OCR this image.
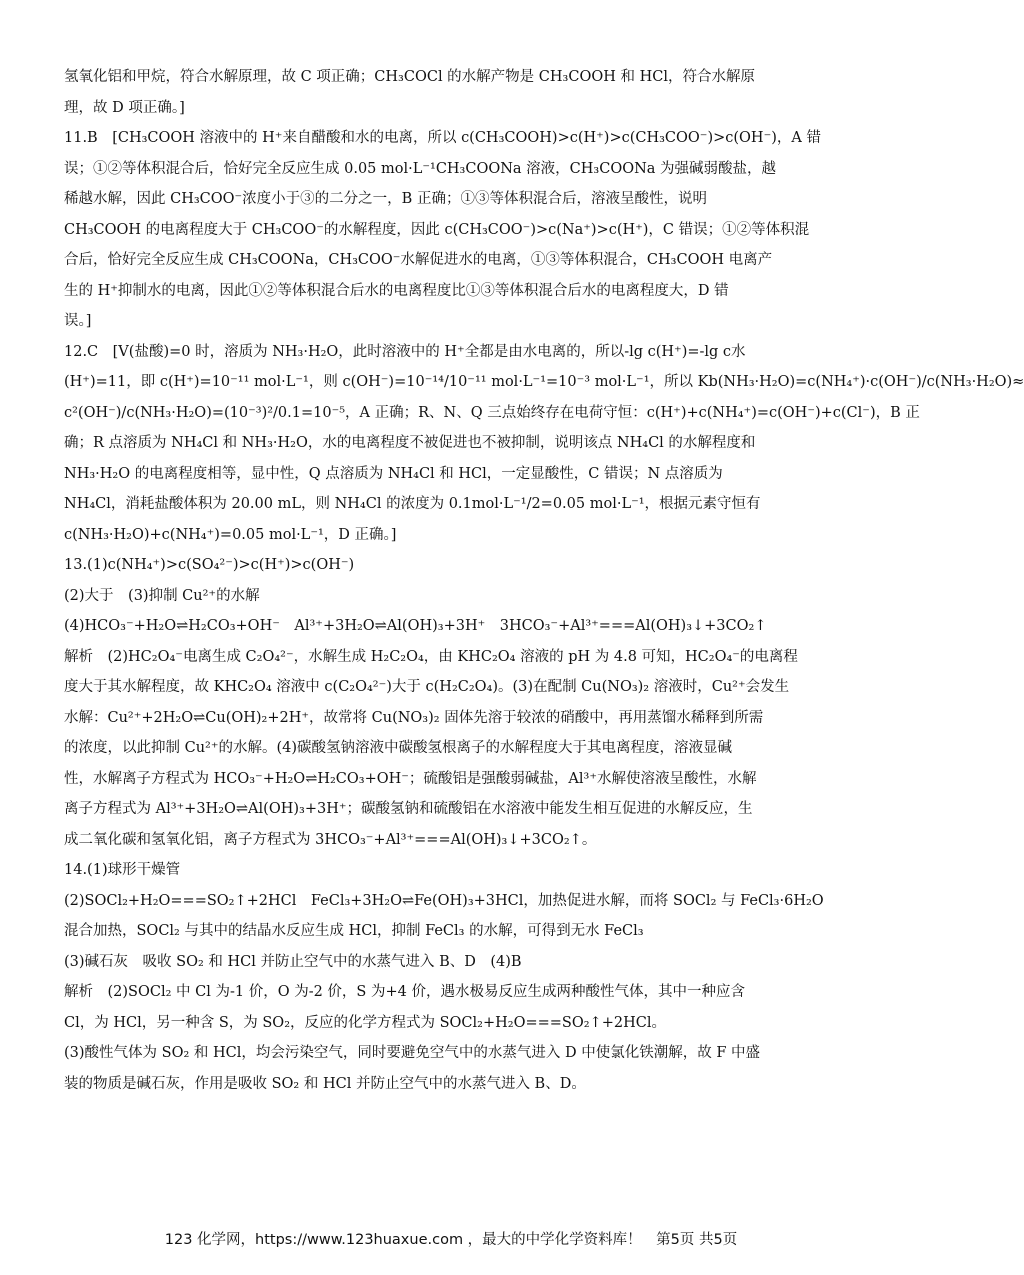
氢氧化铝和甲烷，符合水解原理，故 C 项正确；CH₃COCl 的水解产物是 CH₃COOH 和 HCl，符合水解原
理，故 D 项正确。]

11.B　[CH₃COOH 溶液中的 H⁺来自醋酸和水的电离，所以 c(CH₃COOH)>c(H⁺)>c(CH₃COO⁻)>c(OH⁻)，A 错
误；①②等体积混合后，恰好完全反应生成 0.05 mol·L⁻¹CH₃COONa 溶液，CH₃COONa 为强碱弱酸盐，越
稀越水解，因此 CH₃COO⁻浓度小于③的二分之一，B 正确；①③等体积混合后，溶液呈酸性，说明
CH₃COOH 的电离程度大于 CH₃COO⁻的水解程度，因此 c(CH₃COO⁻)>c(Na⁺)>c(H⁺)，C 错误；①②等体积混
合后，恰好完全反应生成 CH₃COONa，CH₃COO⁻水解促进水的电离，①③等体积混合，CH₃COOH 电离产
生的 H⁺抑制水的电离，因此①②等体积混合后水的电离程度比①③等体积混合后水的电离程度大，D 错
误。]

12.C　[V(盐酸)=0 时，溶质为 NH₃·H₂O，此时溶液中的 H⁺全都是由水电离的，所以-lg c(H⁺)=-lg c水
(H⁺)=11，即 c(H⁺)=10⁻¹¹ mol·L⁻¹，则 c(OH⁻)=10⁻¹⁴/10⁻¹¹ mol·L⁻¹=10⁻³ mol·L⁻¹，所以 Kb(NH₃·H₂O)=c(NH₄⁺)·c(OH⁻)/c(NH₃·H₂O)≈
c²(OH⁻)/c(NH₃·H₂O)=(10⁻³)²/0.1=10⁻⁵，A 正确；R、N、Q 三点始终存在电荷守恒：c(H⁺)+c(NH₄⁺)=c(OH⁻)+c(Cl⁻)，B 正
确；R 点溶质为 NH₄Cl 和 NH₃·H₂O，水的电离程度不被促进也不被抑制，说明该点 NH₄Cl 的水解程度和
NH₃·H₂O 的电离程度相等，显中性，Q 点溶质为 NH₄Cl 和 HCl，一定显酸性，C 错误；N 点溶质为
NH₄Cl，消耗盐酸体积为 20.00 mL，则 NH₄Cl 的浓度为 0.1mol·L⁻¹/2=0.05 mol·L⁻¹，根据元素守恒有
c(NH₃·H₂O)+c(NH₄⁺)=0.05 mol·L⁻¹，D 正确。]

13.(1)c(NH₄⁺)>c(SO₄²⁻)>c(H⁺)>c(OH⁻)
(2)大于　(3)抑制 Cu²⁺的水解
(4)HCO₃⁻+H₂O⇌H₂CO₃+OH⁻　Al³⁺+3H₂O⇌Al(OH)₃+3H⁺　3HCO₃⁻+Al³⁺===Al(OH)₃↓+3CO₂↑

解析　(2)HC₂O₄⁻电离生成 C₂O₄²⁻，水解生成 H₂C₂O₄，由 KHC₂O₄ 溶液的 pH 为 4.8 可知，HC₂O₄⁻的电离程
度大于其水解程度，故 KHC₂O₄ 溶液中 c(C₂O₄²⁻)大于 c(H₂C₂O₄)。(3)在配制 Cu(NO₃)₂ 溶液时，Cu²⁺会发生
水解：Cu²⁺+2H₂O⇌Cu(OH)₂+2H⁺，故常将 Cu(NO₃)₂ 固体先溶于较浓的硝酸中，再用蒸馏水稀释到所需
的浓度，以此抑制 Cu²⁺的水解。(4)碳酸氢钠溶液中碳酸氢根离子的水解程度大于其电离程度，溶液显碱
性，水解离子方程式为 HCO₃⁻+H₂O⇌H₂CO₃+OH⁻；硫酸铝是强酸弱碱盐，Al³⁺水解使溶液呈酸性，水解
离子方程式为 Al³⁺+3H₂O⇌Al(OH)₃+3H⁺；碳酸氢钠和硫酸铝在水溶液中能发生相互促进的水解反应，生
成二氧化碳和氢氧化铝，离子方程式为 3HCO₃⁻+Al³⁺===Al(OH)₃↓+3CO₂↑。

14.(1)球形干燥管
(2)SOCl₂+H₂O===SO₂↑+2HCl　FeCl₃+3H₂O⇌Fe(OH)₃+3HCl，加热促进水解，而将 SOCl₂ 与 FeCl₃·6H₂O
混合加热，SOCl₂ 与其中的结晶水反应生成 HCl，抑制 FeCl₃ 的水解，可得到无水 FeCl₃
(3)碱石灰　吸收 SO₂ 和 HCl 并防止空气中的水蒸气进入 B、D　(4)B

解析　(2)SOCl₂ 中 Cl 为-1 价，O 为-2 价，S 为+4 价，遇水极易反应生成两种酸性气体，其中一种应含
Cl，为 HCl，另一种含 S，为 SO₂，反应的化学方程式为 SOCl₂+H₂O===SO₂↑+2HCl。
(3)酸性气体为 SO₂ 和 HCl，均会污染空气，同时要避免空气中的水蒸气进入 D 中使氯化铁潮解，故 F 中盛
装的物质是碱石灰，作用是吸收 SO₂ 和 HCl 并防止空气中的水蒸气进入 B、D。

123 化学网，https://www.123huaxue.com ，最大的中学化学资料库！　第5页 共5页
